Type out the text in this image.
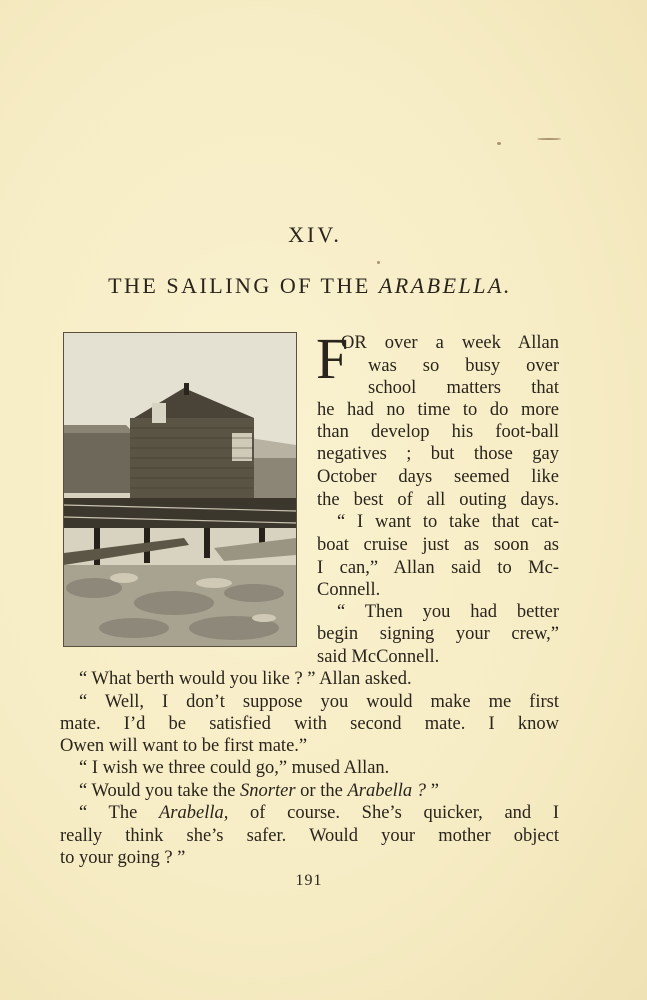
XIV.
THE SAILING OF THE ARABELLA.
F
OR over a week Allan
was so busy over
school matters that
he had no time to do more
than develop his foot-ball
negatives ; but those gay
October days seemed like
the best of all outing days.
“ I want to take that cat-
boat cruise just as soon as
I can,” Allan said to Mc-
Connell.
“ Then you had better
begin signing your crew,”
said McConnell.
“ What berth would you like ? ” Allan asked.
“ Well, I don’t suppose you would make me first
mate. I’d be satisfied with second mate. I know
Owen will want to be first mate.”
“ I wish we three could go,” mused Allan.
“ Would you take the Snorter or the Arabella ? ”
“ The Arabella, of course. She’s quicker, and I
really think she’s safer. Would your mother object
to your going ? ”
191
